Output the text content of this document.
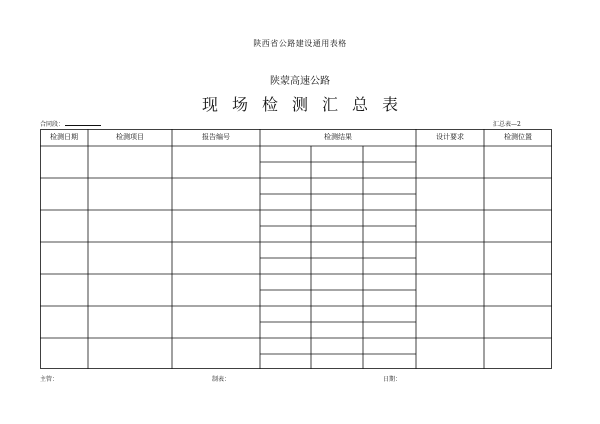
陕西省公路建设通用表格
陕蒙高速公路
现场检测汇总表
合同段：	汇总表—2
检测日期	检测项目	报告编号	检测结果	设计要求	检测位置
主管：	制表：	日期：
